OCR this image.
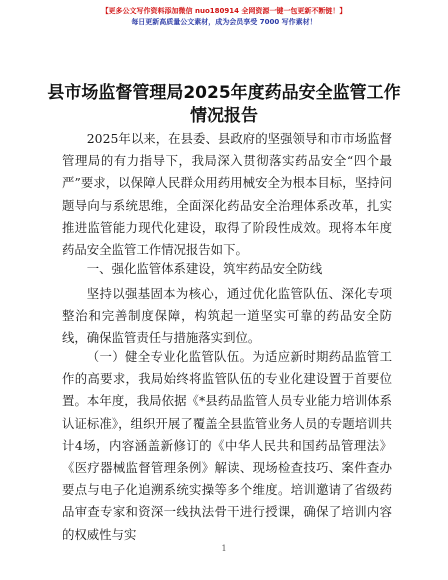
【更多公文写作资料添加微信 nuo180914 全网资源一键一包更新不断链！】
每日更新高质量公文素材，成为会员享受 7000 写作素材！
县市场监督管理局2025年度药品安全监管工作情况报告

2025年以来，在县委、县政府的坚强领导和市市场监督管理局的有力指导下，我局深入贯彻落实药品安全“四个最严”要求，以保障人民群众用药用械安全为根本目标，坚持问题导向与系统思维，全面深化药品安全治理体系改革，扎实推进监管能力现代化建设，取得了阶段性成效。现将本年度药品安全监管工作情况报告如下。

一、强化监管体系建设，筑牢药品安全防线

坚持以强基固本为核心，通过优化监管队伍、深化专项整治和完善制度保障，构筑起一道坚实可靠的药品安全防线，确保监管责任与措施落实到位。

（一）健全专业化监管队伍。为适应新时期药品监管工作的高要求，我局始终将监管队伍的专业化建设置于首要位置。本年度，我局依据《*县药品监管人员专业能力培训体系认证标准》，组织开展了覆盖全县监管业务人员的专题培训共计4场，内容涵盖新修订的《中华人民共和国药品管理法》《医疗器械监督管理条例》解读、现场检查技巧、案件查办要点与电子化追溯系统实操等多个维度。培训邀请了省级药品审查专家和资深一线执法骨干进行授课，确保了培训内容的权威性与实

1
